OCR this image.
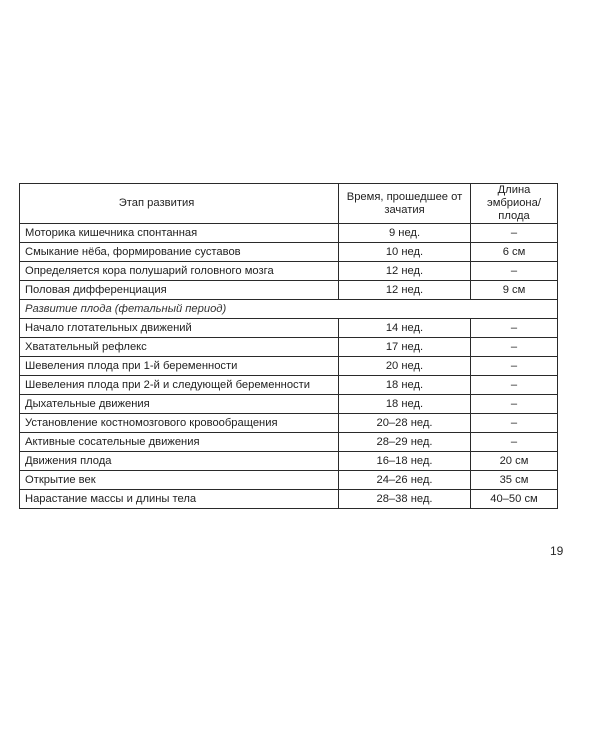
Этап развития	Время, прошедшее от зачатия	Длина эмбриона/ плода
Моторика кишечника спонтанная	9 нед.	–
Смыкание нёба, формирование суставов	10 нед.	6 см
Определяется кора полушарий головного мозга	12 нед.	–
Половая дифференциация	12 нед.	9 см
Развитие плода (фетальный период)		
Начало глотательных движений	14 нед.	–
Хватательный рефлекс	17 нед.	–
Шевеления плода при 1-й беременности	20 нед.	–
Шевеления плода при 2-й и следующей беременности	18 нед.	–
Дыхательные движения	18 нед.	–
Установление костномозгового кровообращения	20–28 нед.	–
Активные сосательные движения	28–29 нед.	–
Движения плода	16–18 нед.	20 см
Открытие век	24–26 нед.	35 см
Нарастание массы и длины тела	28–38 нед.	40–50 см
19
